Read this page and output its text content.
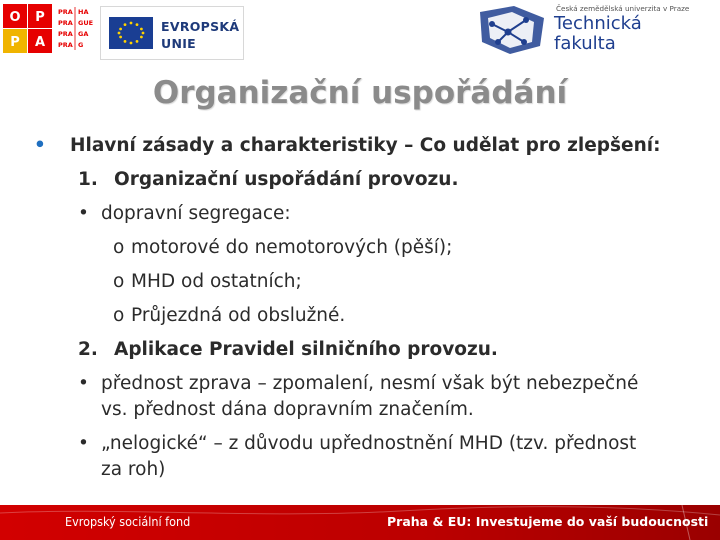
O P
P A
PRA HA
PRA GUE
PRA GA
PRA G
EVROPSKÁ
UNIE
Česká zemědělská univerzita v Praze
Technická
fakulta
Organizační uspořádání
• Hlavní zásady a charakteristiky – Co udělat pro zlepšení:
1. Organizační uspořádání provozu.
• dopravní segregace:
o motorové do nemotorových (pěší);
o MHD od ostatních;
o Průjezdná od obslužné.
2. Aplikace Pravidel silničního provozu.
• přednost zprava – zpomalení, nesmí však být nebezpečné
vs. přednost dána dopravním značením.
• „nelogické“ – z důvodu upřednostnění MHD (tzv. přednost
za roh)
Evropský sociální fond	Praha & EU: Investujeme do vaší budoucnosti
